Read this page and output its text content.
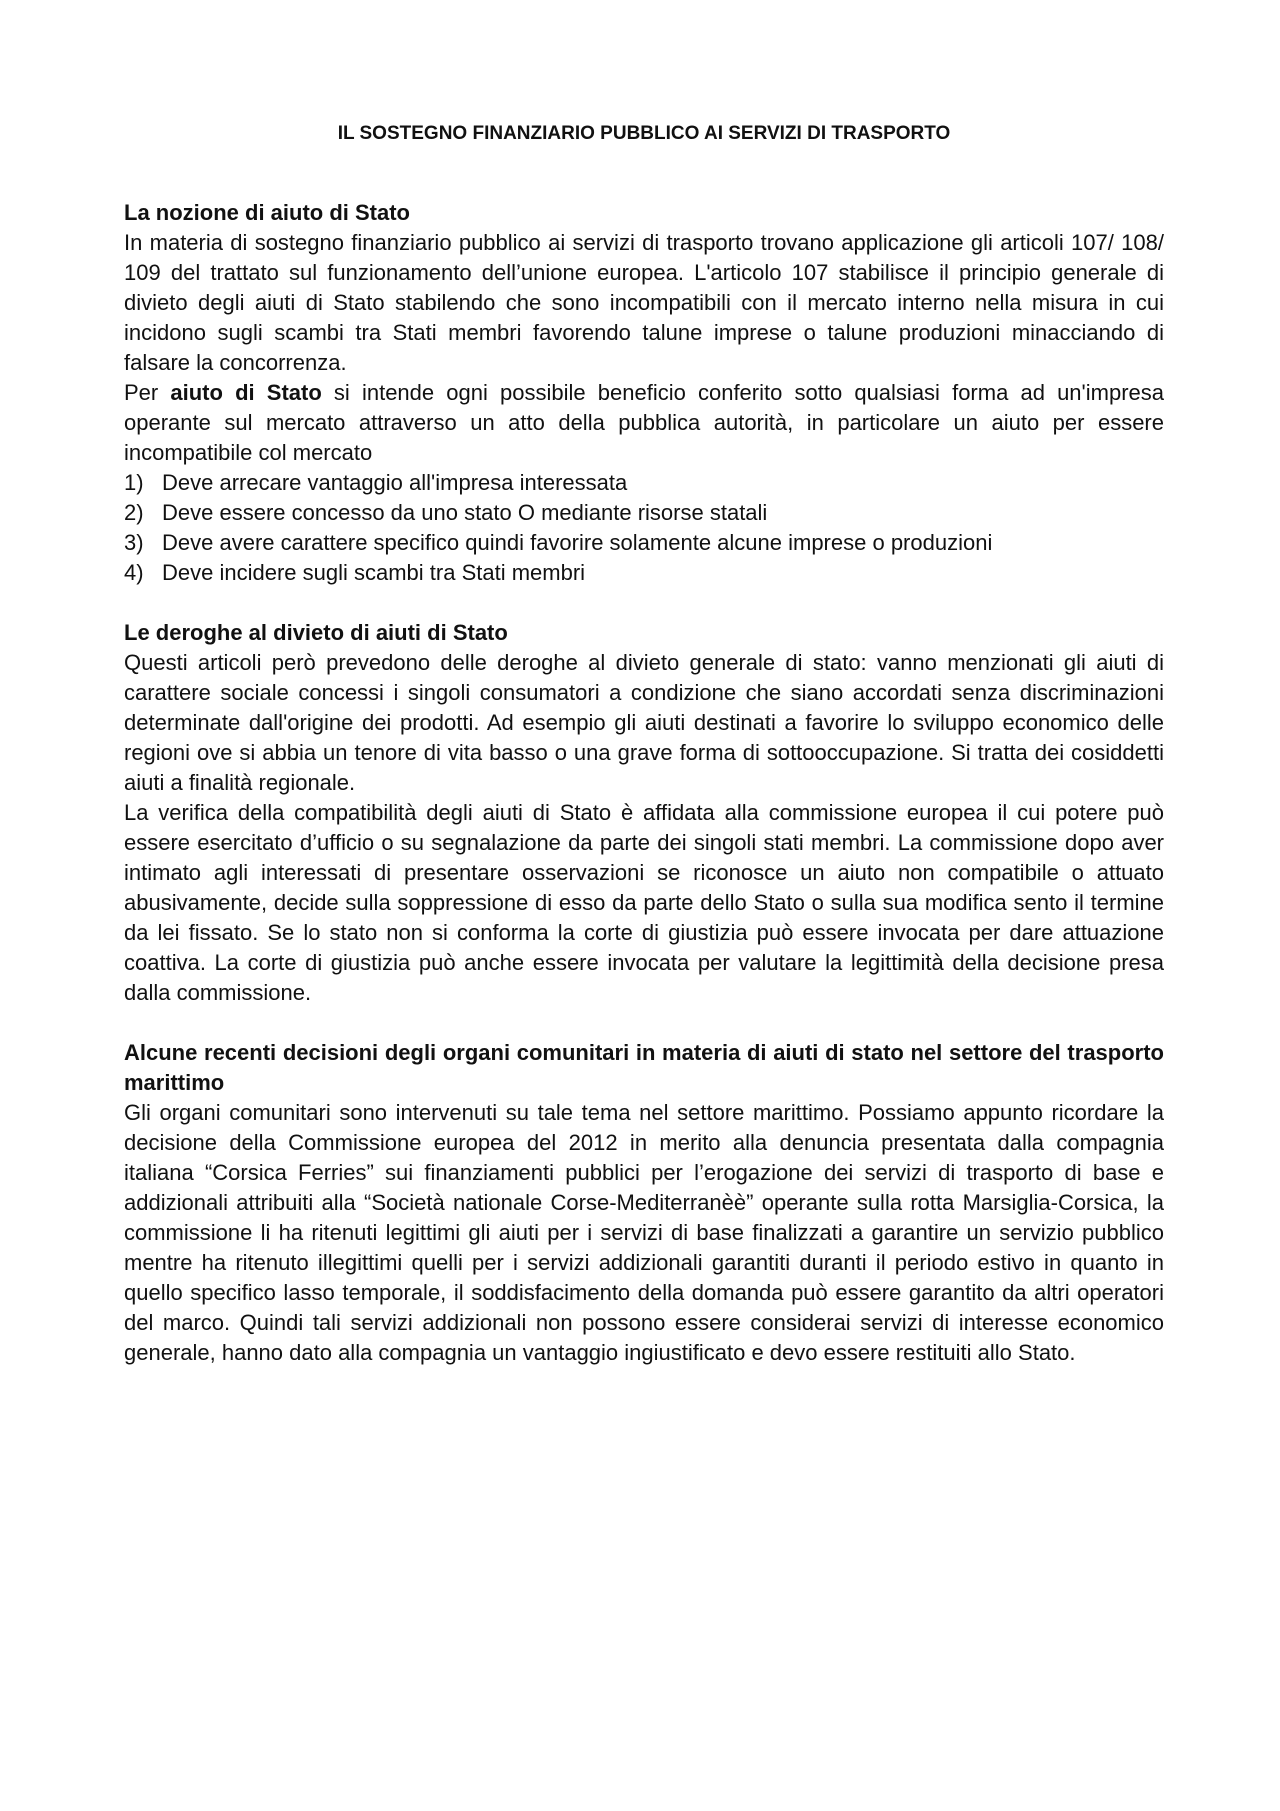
IL SOSTEGNO FINANZIARIO PUBBLICO AI SERVIZI DI TRASPORTO
La nozione di aiuto di Stato

In materia di sostegno finanziario pubblico ai servizi di trasporto trovano applicazione gli articoli 107/ 108/ 109 del trattato sul funzionamento dell’unione europea. L'articolo 107 stabilisce il principio generale di divieto degli aiuti di Stato stabilendo che sono incompatibili con il mercato interno nella misura in cui incidono sugli scambi tra Stati membri favorendo talune imprese o talune produzioni minacciando di falsare la concorrenza.

Per aiuto di Stato si intende ogni possibile beneficio conferito sotto qualsiasi forma ad un'impresa operante sul mercato attraverso un atto della pubblica autorità, in particolare un aiuto per essere incompatibile col mercato

1) Deve arrecare vantaggio all'impresa interessata
2) Deve essere concesso da uno stato O mediante risorse statali
3) Deve avere carattere specifico quindi favorire solamente alcune imprese o produzioni
4) Deve incidere sugli scambi tra Stati membri
Le deroghe al divieto di aiuti di Stato

Questi articoli però prevedono delle deroghe al divieto generale di stato: vanno menzionati gli aiuti di carattere sociale concessi i singoli consumatori a condizione che siano accordati senza discriminazioni determinate dall'origine dei prodotti. Ad esempio gli aiuti destinati a favorire lo sviluppo economico delle regioni ove si abbia un tenore di vita basso o una grave forma di sottooccupazione. Si tratta dei cosiddetti aiuti a finalità regionale.

La verifica della compatibilità degli aiuti di Stato è affidata alla commissione europea il cui potere può essere esercitato d’ufficio o su segnalazione da parte dei singoli stati membri. La commissione dopo aver intimato agli interessati di presentare osservazioni se riconosce un aiuto non compatibile o attuato abusivamente, decide sulla soppressione di esso da parte dello Stato o sulla sua modifica sento il termine da lei fissato. Se lo stato non si conforma la corte di giustizia può essere invocata per dare attuazione coattiva. La corte di giustizia può anche essere invocata per valutare la legittimità della decisione presa dalla commissione.

Alcune recenti decisioni degli organi comunitari in materia di aiuti di stato nel settore del trasporto marittimo

Gli organi comunitari sono intervenuti su tale tema nel settore marittimo. Possiamo appunto ricordare la decisione della Commissione europea del 2012 in merito alla denuncia presentata dalla compagnia italiana “Corsica Ferries” sui finanziamenti pubblici per l’erogazione dei servizi di trasporto di base e addizionali attribuiti alla “Società nationale Corse-Mediterranèè” operante sulla rotta Marsiglia-Corsica, la commissione li ha ritenuti legittimi gli aiuti per i servizi di base finalizzati a garantire un servizio pubblico mentre ha ritenuto illegittimi quelli per i servizi addizionali garantiti duranti il periodo estivo in quanto in quello specifico lasso temporale, il soddisfacimento della domanda può essere garantito da altri operatori del marco. Quindi tali servizi addizionali non possono essere considerai servizi di interesse economico generale, hanno dato alla compagnia un vantaggio ingiustificato e devo essere restituiti allo Stato.
